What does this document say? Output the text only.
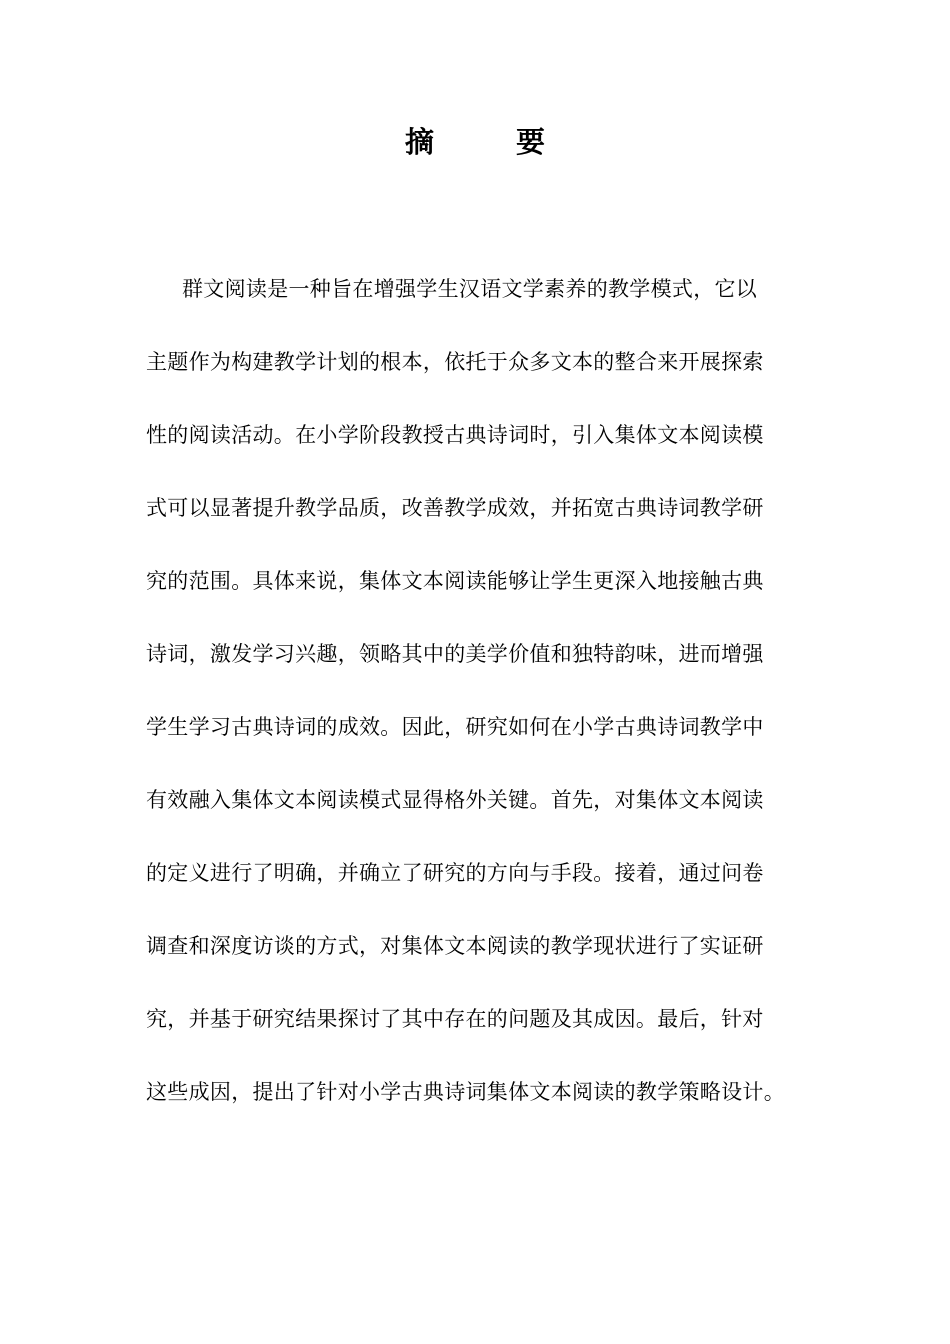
摘 要
群文阅读是一种旨在增强学生汉语文学素养的教学模式，它以
主题作为构建教学计划的根本，依托于众多文本的整合来开展探索
性的阅读活动。在小学阶段教授古典诗词时，引入集体文本阅读模
式可以显著提升教学品质，改善教学成效，并拓宽古典诗词教学研
究的范围。具体来说，集体文本阅读能够让学生更深入地接触古典
诗词，激发学习兴趣，领略其中的美学价值和独特韵味，进而增强
学生学习古典诗词的成效。因此，研究如何在小学古典诗词教学中
有效融入集体文本阅读模式显得格外关键。首先，对集体文本阅读
的定义进行了明确，并确立了研究的方向与手段。接着，通过问卷
调查和深度访谈的方式，对集体文本阅读的教学现状进行了实证研
究，并基于研究结果探讨了其中存在的问题及其成因。最后，针对
这些成因，提出了针对小学古典诗词集体文本阅读的教学策略设计。
